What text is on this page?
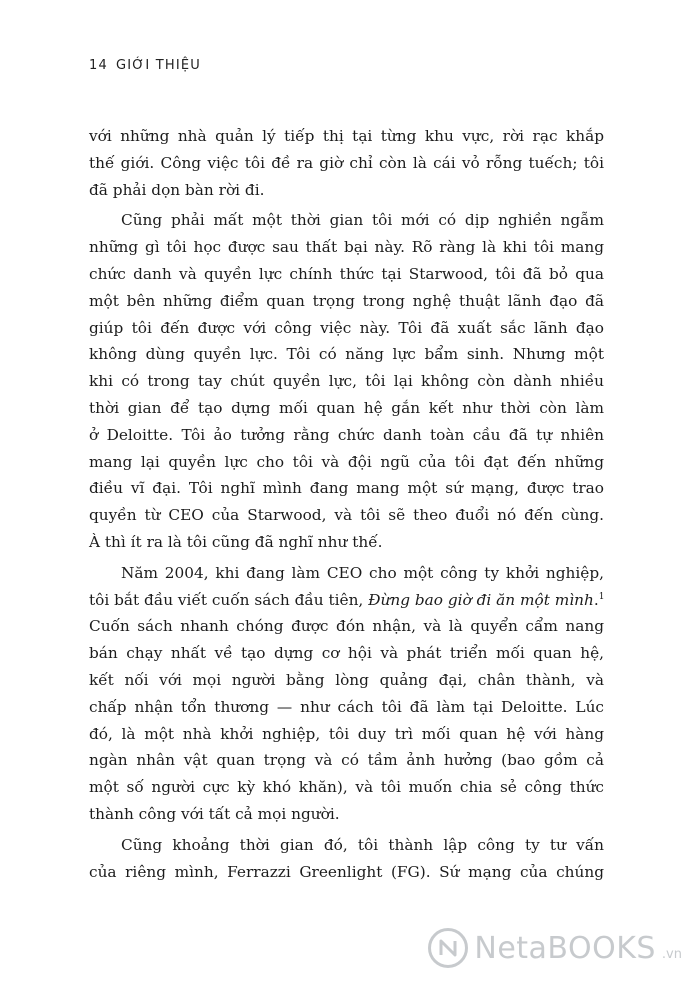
14 GIỚI THIỆU

với những nhà quản lý tiếp thị tại từng khu vực, rời rạc khắp
thế giới. Công việc tôi đề ra giờ chỉ còn là cái vỏ rỗng tuếch; tôi
đã phải dọn bàn rời đi.

Cũng phải mất một thời gian tôi mới có dịp nghiền ngẫm
những gì tôi học được sau thất bại này. Rõ ràng là khi tôi mang
chức danh và quyền lực chính thức tại Starwood, tôi đã bỏ qua
một bên những điểm quan trọng trong nghệ thuật lãnh đạo đã
giúp tôi đến được với công việc này. Tôi đã xuất sắc lãnh đạo
không dùng quyền lực. Tôi có năng lực bẩm sinh. Nhưng một
khi có trong tay chút quyền lực, tôi lại không còn dành nhiều
thời gian để tạo dựng mối quan hệ gắn kết như thời còn làm
ở Deloitte. Tôi ảo tưởng rằng chức danh toàn cầu đã tự nhiên
mang lại quyền lực cho tôi và đội ngũ của tôi đạt đến những
điều vĩ đại. Tôi nghĩ mình đang mang một sứ mạng, được trao
quyền từ CEO của Starwood, và tôi sẽ theo đuổi nó đến cùng.
À thì ít ra là tôi cũng đã nghĩ như thế.

Năm 2004, khi đang làm CEO cho một công ty khởi nghiệp,
tôi bắt đầu viết cuốn sách đầu tiên, Đừng bao giờ đi ăn một mình.$^1$
Cuốn sách nhanh chóng được đón nhận, và là quyển cẩm nang
bán chạy nhất về tạo dựng cơ hội và phát triển mối quan hệ,
kết nối với mọi người bằng lòng quảng đại, chân thành, và
chấp nhận tổn thương — như cách tôi đã làm tại Deloitte. Lúc
đó, là một nhà khởi nghiệp, tôi duy trì mối quan hệ với hàng
ngàn nhân vật quan trọng và có tầm ảnh hưởng (bao gồm cả
một số người cực kỳ khó khăn), và tôi muốn chia sẻ công thức
thành công với tất cả mọi người.

Cũng khoảng thời gian đó, tôi thành lập công ty tư vấn
của riêng mình, Ferrazzi Greenlight (FG). Sứ mạng của chúng

NetaBOOKS .vn
